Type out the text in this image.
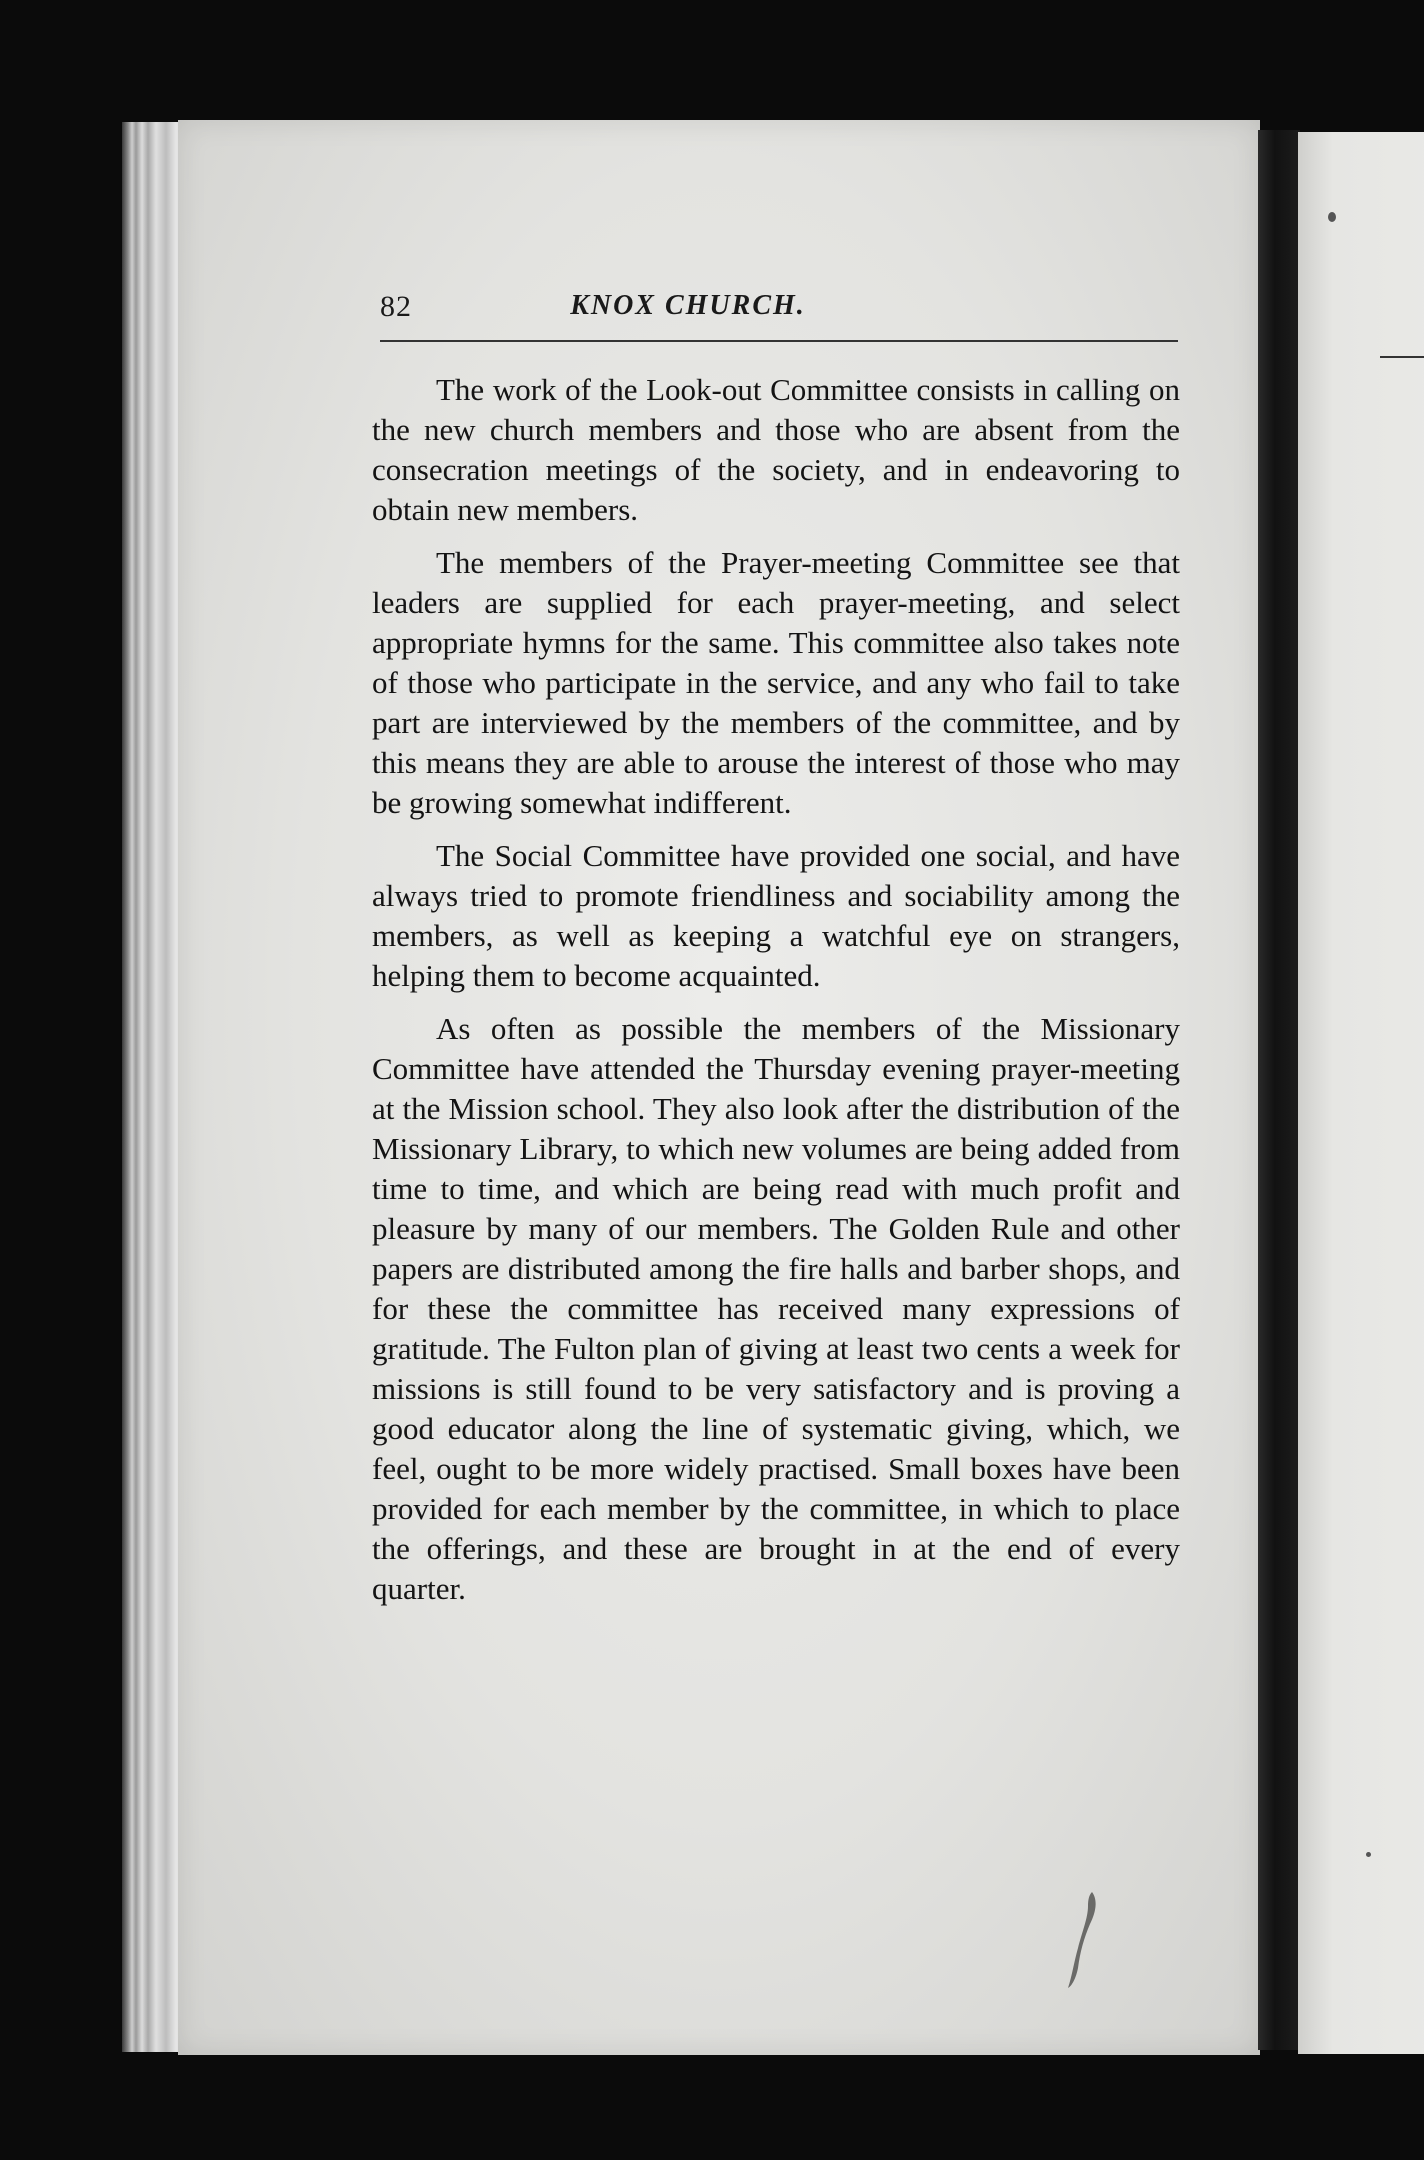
82	KNOX CHURCH.

The work of the Look-out Committee consists in calling on the new church members and those who are absent from the consecration meetings of the society, and in endeavoring to obtain new members.

The members of the Prayer-meeting Committee see that leaders are supplied for each prayer-meeting, and select appropriate hymns for the same. This committee also takes note of those who participate in the service, and any who fail to take part are interviewed by the members of the committee, and by this means they are able to arouse the interest of those who may be growing somewhat indifferent.

The Social Committee have provided one social, and have always tried to promote friendliness and sociability among the members, as well as keeping a watchful eye on strangers, helping them to become acquainted.

As often as possible the members of the Missionary Committee have attended the Thursday evening prayer-meeting at the Mission school. They also look after the distribution of the Missionary Library, to which new volumes are being added from time to time, and which are being read with much profit and pleasure by many of our members. The Golden Rule and other papers are distributed among the fire halls and barber shops, and for these the committee has received many expressions of gratitude. The Fulton plan of giving at least two cents a week for missions is still found to be very satisfactory and is proving a good educator along the line of systematic giving, which, we feel, ought to be more widely practised. Small boxes have been provided for each member by the committee, in which to place the offerings, and these are brought in at the end of every quarter.
